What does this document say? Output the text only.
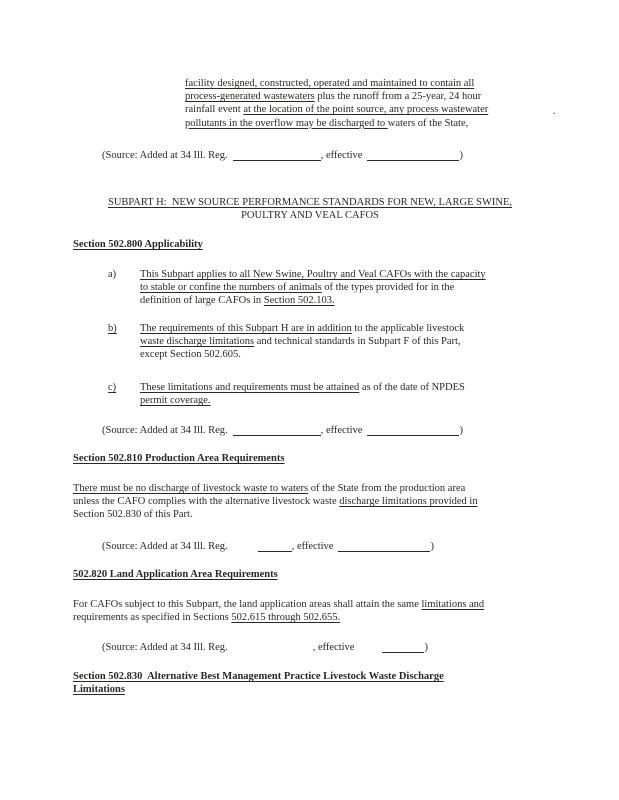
facility designed, constructed, operated and maintained to contain all
process-generated wastewaters plus the runoff from a 25-year, 24 hour
rainfall event at the location of the point source, any process wastewater
pollutants in the overflow may be discharged to waters of the State,
.
(Source: Added at 34 Ill. Reg.	, effective	)
SUBPART H:  NEW SOURCE PERFORMANCE STANDARDS FOR NEW, LARGE SWINE,
POULTRY AND VEAL CAFOS
Section 502.800 Applicability
a)	This Subpart applies to all New Swine, Poultry and Veal CAFOs with the capacity
to stable or confine the numbers of animals of the types provided for in the
definition of large CAFOs in Section 502.103.
b)	The requirements of this Subpart H are in addition to the applicable livestock
waste discharge limitations and technical standards in Subpart F of this Part,
except Section 502.605.
c)	These limitations and requirements must be attained as of the date of NPDES
permit coverage.
(Source: Added at 34 Ill. Reg.	, effective	)
Section 502.810 Production Area Requirements
There must be no discharge of livestock waste to waters of the State from the production area
unless the CAFO complies with the alternative livestock waste discharge limitations provided in
Section 502.830 of this Part.
(Source: Added at 34 Ill. Reg.	, effective	)
502.820 Land Application Area Requirements
For CAFOs subject to this Subpart, the land application areas shall attain the same limitations and
requirements as specified in Sections 502.615 through 502.655.
(Source: Added at 34 Ill. Reg.	, effective	)
Section 502.830  Alternative Best Management Practice Livestock Waste Discharge
Limitations
